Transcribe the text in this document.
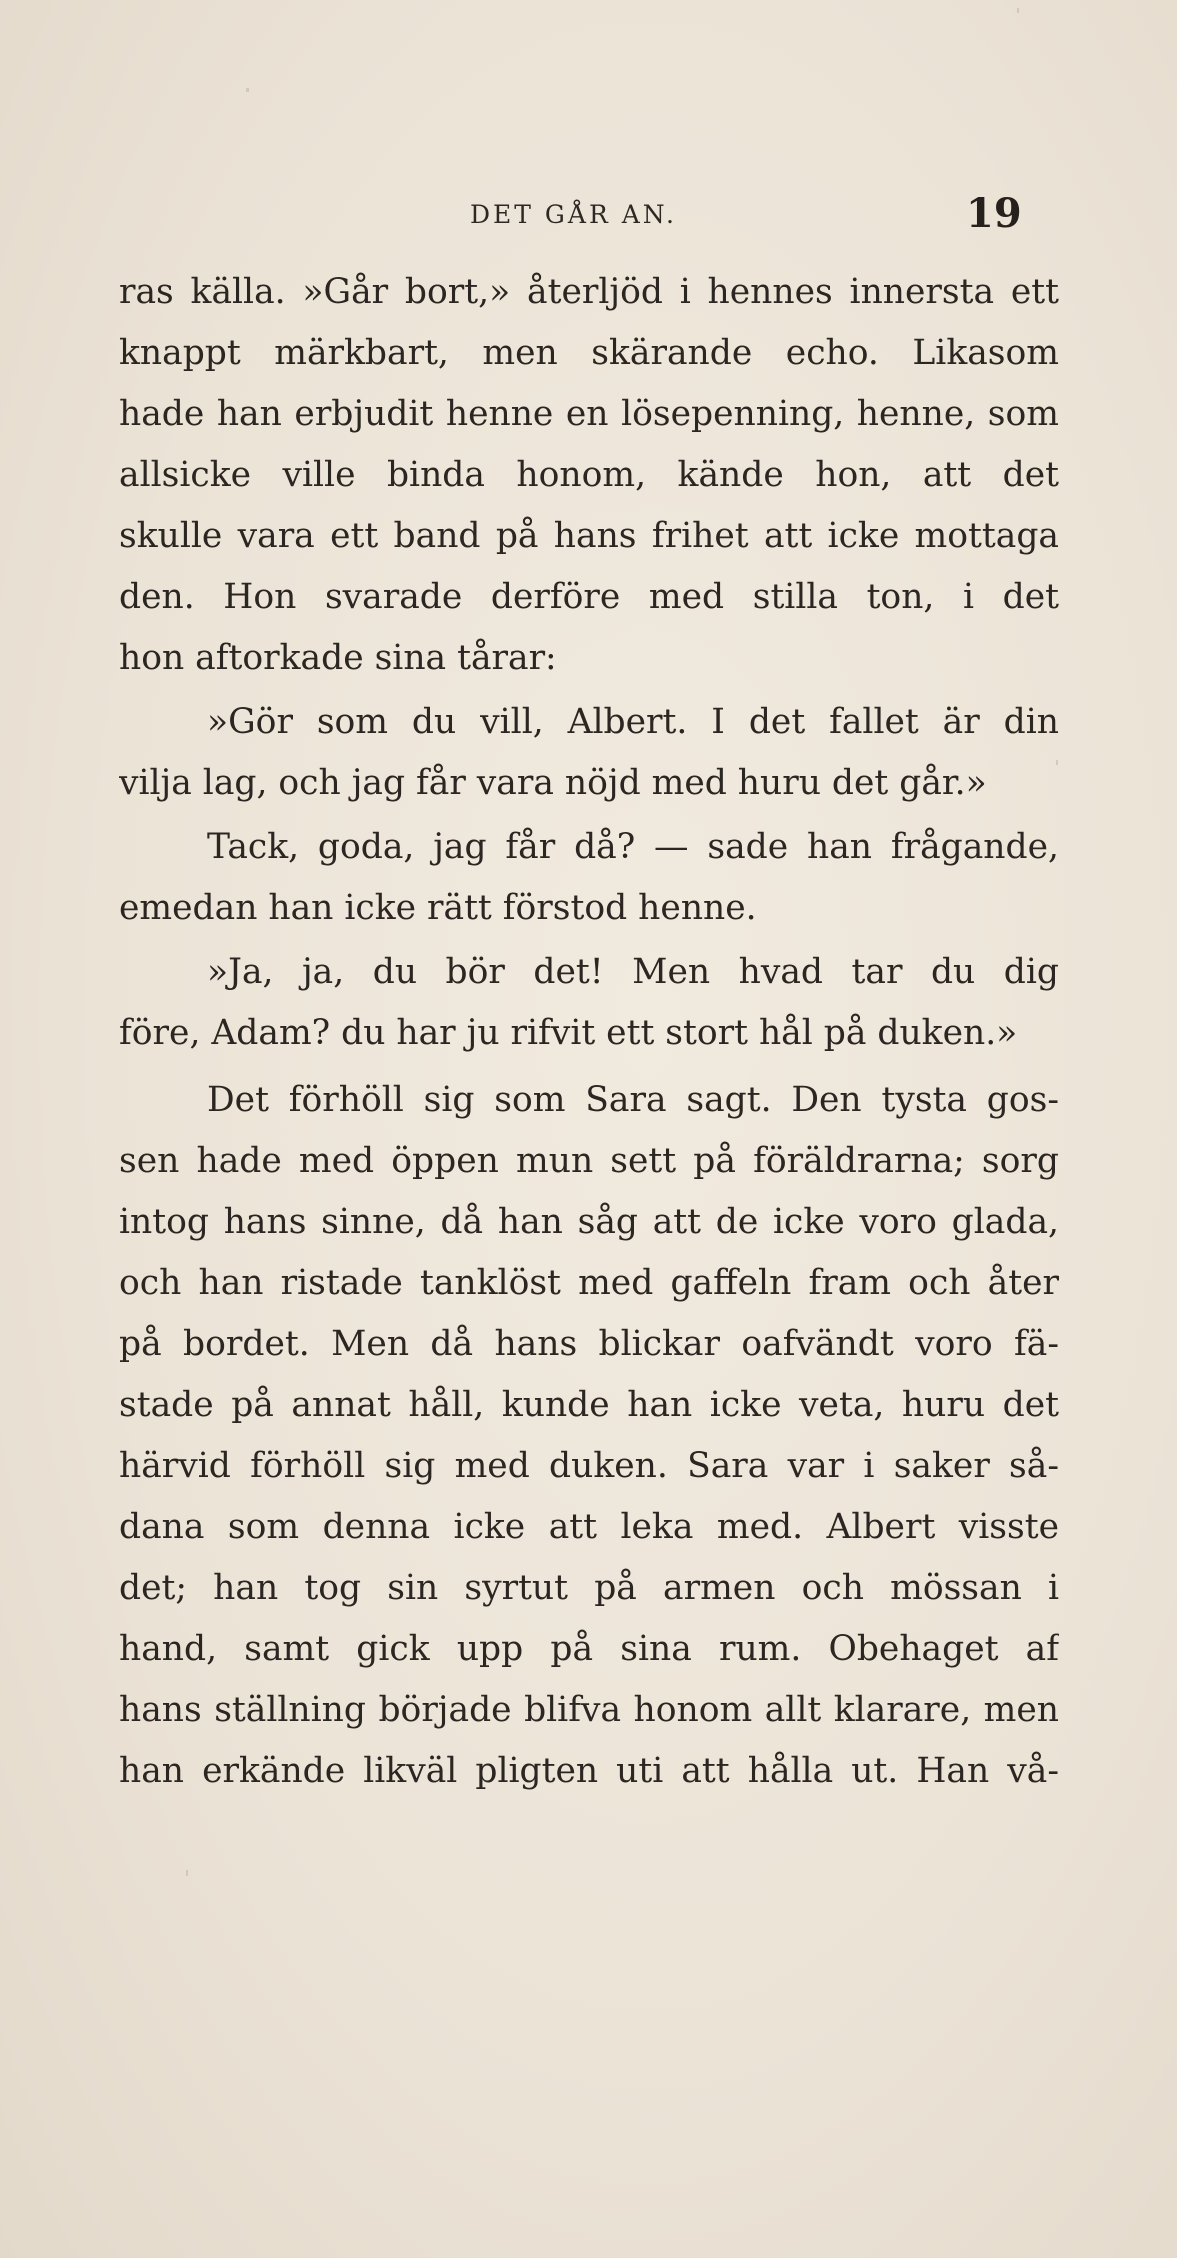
DET GÅR AN.	19
ras källa. »Går bort,» återljöd i hennes innersta ett
knappt märkbart, men skärande echo. Likasom
hade han erbjudit henne en lösepenning, henne, som
allsicke ville binda honom, kände hon, att det
skulle vara ett band på hans frihet att icke mottaga
den. Hon svarade derföre med stilla ton, i det
hon aftorkade sina tårar:
»Gör som du vill, Albert. I det fallet är din
vilja lag, och jag får vara nöjd med huru det går.»
Tack, goda, jag får då? — sade han frågande,
emedan han icke rätt förstod henne.
»Ja, ja, du bör det! Men hvad tar du dig
före, Adam? du har ju rifvit ett stort hål på duken.»
Det förhöll sig som Sara sagt. Den tysta gos-
sen hade med öppen mun sett på föräldrarna; sorg
intog hans sinne, då han såg att de icke voro glada,
och han ristade tanklöst med gaffeln fram och åter
på bordet. Men då hans blickar oafvändt voro fä-
stade på annat håll, kunde han icke veta, huru det
härvid förhöll sig med duken. Sara var i saker så-
dana som denna icke att leka med. Albert visste
det; han tog sin syrtut på armen och mössan i
hand, samt gick upp på sina rum. Obehaget af
hans ställning började blifva honom allt klarare, men
han erkände likväl pligten uti att hålla ut. Han vå-
